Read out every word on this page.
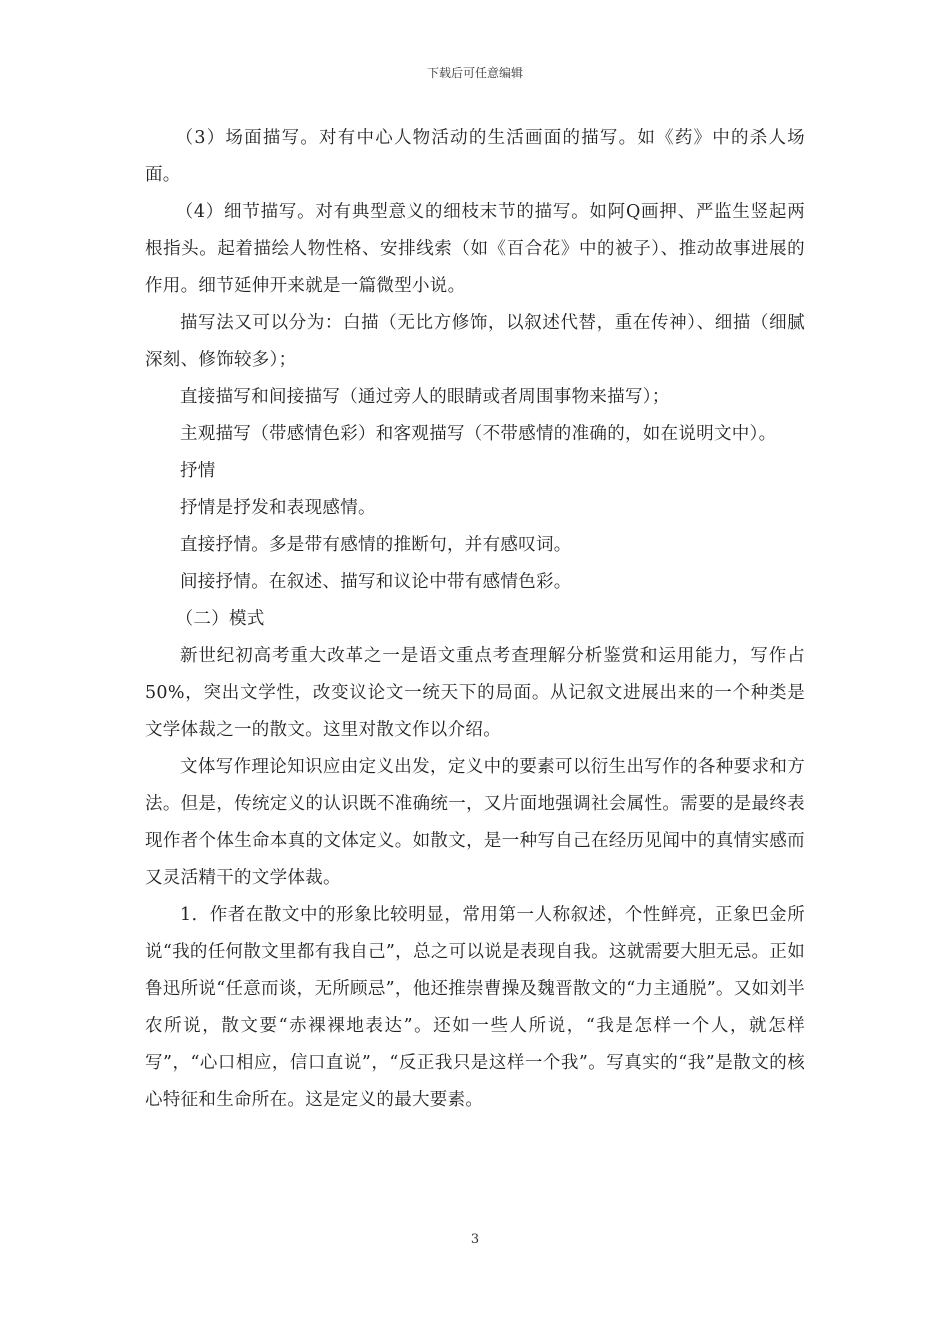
下载后可任意编辑

（3）场面描写。对有中心人物活动的生活画面的描写。如《药》中的杀人场面。

（4）细节描写。对有典型意义的细枝末节的描写。如阿Q画押、严监生竖起两根指头。起着描绘人物性格、安排线索（如《百合花》中的被子）、推动故事进展的作用。细节延伸开来就是一篇微型小说。

描写法又可以分为：白描（无比方修饰，以叙述代替，重在传神）、细描（细腻深刻、修饰较多）；

直接描写和间接描写（通过旁人的眼睛或者周围事物来描写）；

主观描写（带感情色彩）和客观描写（不带感情的准确的，如在说明文中）。

抒情

抒情是抒发和表现感情。

直接抒情。多是带有感情的推断句，并有感叹词。

间接抒情。在叙述、描写和议论中带有感情色彩。

（二）模式

新世纪初高考重大改革之一是语文重点考查理解分析鉴赏和运用能力，写作占50%，突出文学性，改变议论文一统天下的局面。从记叙文进展出来的一个种类是文学体裁之一的散文。这里对散文作以介绍。

文体写作理论知识应由定义出发，定义中的要素可以衍生出写作的各种要求和方法。但是，传统定义的认识既不准确统一，又片面地强调社会属性。需要的是最终表现作者个体生命本真的文体定义。如散文，是一种写自己在经历见闻中的真情实感而又灵活精干的文学体裁。

1．作者在散文中的形象比较明显，常用第一人称叙述，个性鲜亮，正象巴金所说“我的任何散文里都有我自己”，总之可以说是表现自我。这就需要大胆无忌。正如鲁迅所说“任意而谈，无所顾忌”，他还推崇曹操及魏晋散文的“力主通脱”。又如刘半农所说，散文要“赤裸裸地表达”。还如一些人所说，“我是怎样一个人，就怎样写”，“心口相应，信口直说”，“反正我只是这样一个我”。写真实的“我”是散文的核心特征和生命所在。这是定义的最大要素。

3
